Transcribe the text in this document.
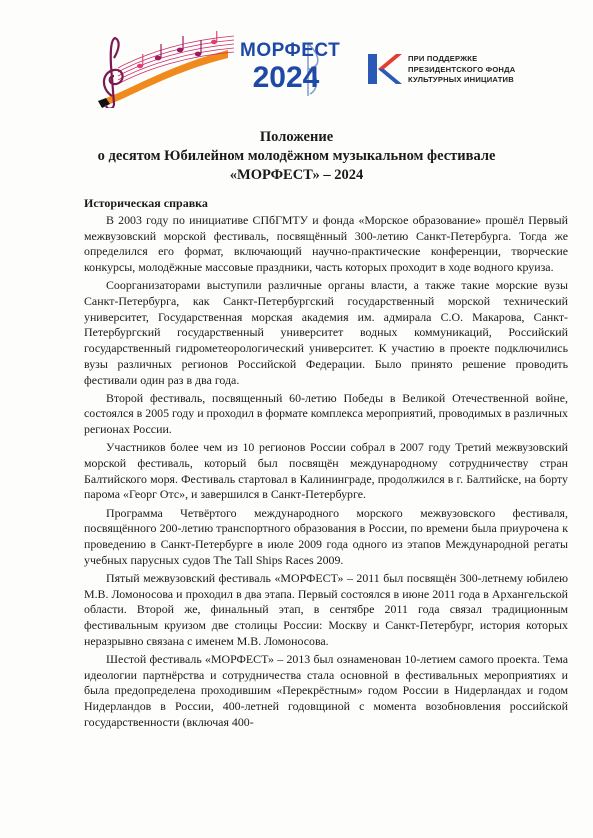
МОРФЕСТ
2024
ПРИ ПОДДЕРЖКЕ
ПРЕЗИДЕНТСКОГО ФОНДА
КУЛЬТУРНЫХ ИНИЦИАТИВ
Положение
о десятом Юбилейном молодёжном музыкальном фестивале
«МОРФЕСТ» – 2024
Историческая справка

В 2003 году по инициативе СПбГМТУ и фонда «Морское образование» прошёл Первый межвузовский морской фестиваль, посвящённый 300-летию Санкт-Петербурга. Тогда же определился его формат, включающий научно-практические конференции, творческие конкурсы, молодёжные массовые праздники, часть которых проходит в ходе водного круиза.

Соорганизаторами выступили различные органы власти, а также такие морские вузы Санкт-Петербурга, как Санкт-Петербургский государственный морской технический университет, Государственная морская академия им. адмирала С.О. Макарова, Санкт-Петербургский государственный университет водных коммуникаций, Российский государственный гидрометеорологический университет. К участию в проекте подключились вузы различных регионов Российской Федерации. Было принято решение проводить фестивали один раз в два года.

Второй фестиваль, посвященный 60-летию Победы в Великой Отечественной войне, состоялся в 2005 году и проходил в формате комплекса мероприятий, проводимых в различных регионах России.

Участников более чем из 10 регионов России собрал в 2007 году Третий межвузовский морской фестиваль, который был посвящён международному сотрудничеству стран Балтийского моря. Фестиваль стартовал в Калининграде, продолжился в г. Балтийске, на борту парома «Георг Отс», и завершился в Санкт-Петербурге.

Программа Четвёртого международного морского межвузовского фестиваля, посвящённого 200-летию транспортного образования в России, по времени была приурочена к проведению в Санкт-Петербурге в июле 2009 года одного из этапов Международной регаты учебных парусных судов The Tall Ships Races 2009.

Пятый межвузовский фестиваль «МОРФЕСТ» – 2011 был посвящён 300-летнему юбилею М.В. Ломоносова и проходил в два этапа. Первый состоялся в июне 2011 года в Архангельской области. Второй же, финальный этап, в сентябре 2011 года связал традиционным фестивальным круизом две столицы России: Москву и Санкт-Петербург, история которых неразрывно связана с именем М.В. Ломоносова.

Шестой фестиваль «МОРФЕСТ» – 2013 был ознаменован 10-летием самого проекта. Тема идеологии партнёрства и сотрудничества стала основной в фестивальных мероприятиях и была предопределена проходившим «Перекрёстным» годом России в Нидерландах и годом Нидерландов в России, 400-летней годовщиной с момента возобновления российской государственности (включая 400-
